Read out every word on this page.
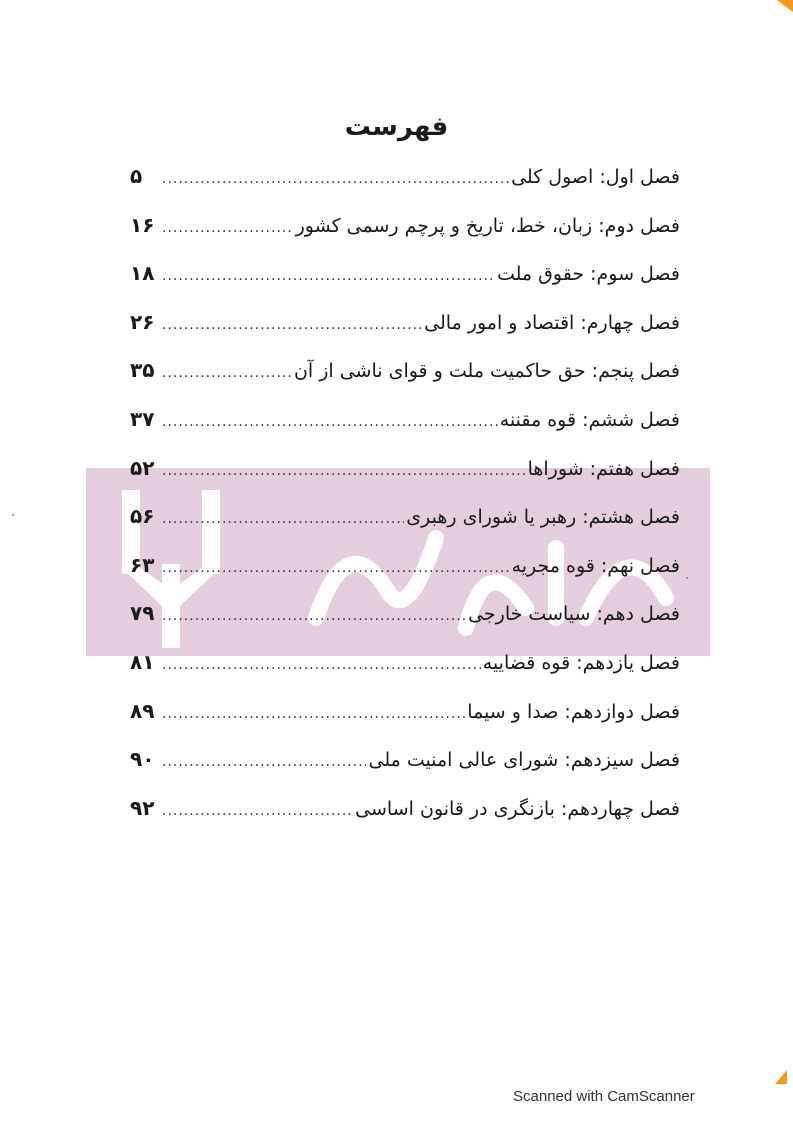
فهرست
فصل اول: اصول کلی
.....
۵
فصل دوم: زبان، خط، تاریخ و پرچم رسمی کشور
.....
۱۶
فصل سوم: حقوق ملت
.....
۱۸
فصل چهارم: اقتصاد و امور مالی
.....
۲۶
فصل پنجم: حق حاکمیت ملت و قوای ناشی از آن
.....
۳۵
فصل ششم: قوه مقننه
.....
۳۷
فصل هفتم: شوراها
.....
۵۲
فصل هشتم: رهبر یا شورای رهبری
.....
۵۶
فصل نهم: قوه مجریه
.....
۶۳
فصل دهم: سیاست خارجی
.....
۷۹
فصل یازدهم: قوه قضاییه
.....
۸۱
فصل دوازدهم: صدا و سیما
.....
۸۹
فصل سیزدهم: شورای عالی امنیت ملی
.....
۹۰
فصل چهاردهم: بازنگری در قانون اساسی
.....
۹۲
Scanned with CamScanner
